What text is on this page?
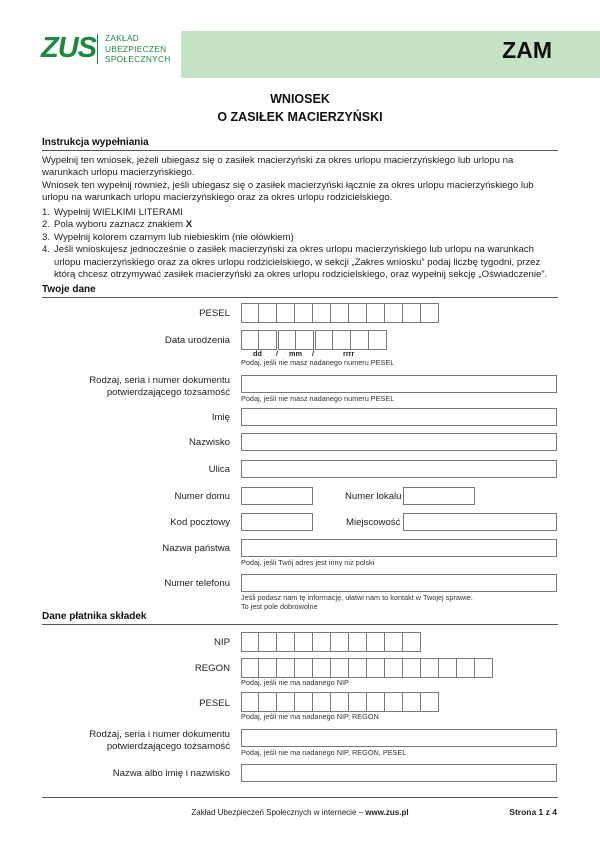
ZUS ZAKŁAD
UBEZPIECZEŃ
SPOŁECZNYCH	ZAM
WNIOSEK
O ZASIŁEK MACIERZYŃSKI
Instrukcja wypełniania
Wypełnij ten wniosek, jeżeli ubiegasz się o zasiłek macierzyński za okres urlopu macierzyńskiego lub urlopu na warunkach urlopu macierzyńskiego.
Wniosek ten wypełnij również, jeśli ubiegasz się o zasiłek macierzyński łącznie za okres urlopu macierzyńskiego lub urlopu na warunkach urlopu macierzyńskiego oraz za okres urlopu rodzicielskiego.
1. Wypełnij WIELKIMI LITERAMI
2. Pola wyboru zaznacz znakiem X
3. Wypełnij kolorem czarnym lub niebieskim (nie ołówkiem)
4. Jeśli wnioskujesz jednocześnie o zasiłek macierzyński za okres urlopu macierzyńskiego lub urlopu na warunkach urlopu macierzyńskiego oraz za okres urlopu rodzicielskiego, w sekcji „Zakres wniosku” podaj liczbę tygodni, przez którą chcesz otrzymywać zasiłek macierzyński za okres urlopu rodzicielskiego, oraz wypełnij sekcję „Oświadczenie”.
Twoje dane
PESEL
Data urodzenia
dd / mm /	rrrr
Podaj, jeśli nie masz nadanego numeru PESEL
Rodzaj, seria i numer dokumentu
potwierdzającego tożsamość
Podaj, jeśli nie masz nadanego numeru PESEL
Imię
Nazwisko
Ulica
Numer domu	Numer lokalu
Kod pocztowy	Miejscowość
Nazwa państwa
Podaj, jeśli Twój adres jest inny niż polski
Numer telefonu
Jeśli podasz nam tę informację, ułatwi nam to kontakt w Twojej sprawie.
To jest pole dobrowolne
Dane płatnika składek
NIP
REGON
Podaj, jeśli nie ma nadanego NIP
PESEL
Podaj, jeśli nie ma nadanego NIP, REGON
Rodzaj, seria i numer dokumentu
potwierdzającego tożsamość
Podaj, jeśli nie ma nadanego NIP, REGON, PESEL
Nazwa albo imię i nazwisko
Zakład Ubezpieczeń Społecznych w internecie – www.zus.pl	Strona 1 z 4
